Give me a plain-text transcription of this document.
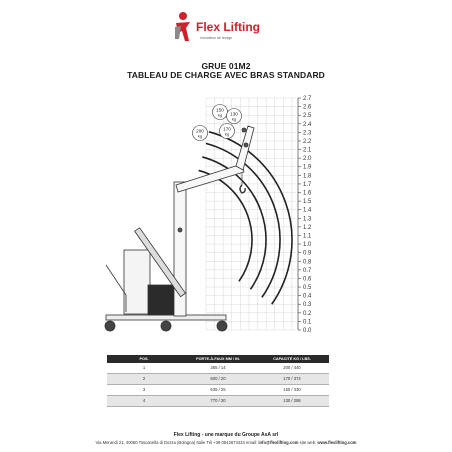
Flex Lifting
innovation de levage
GRUE 01M2
TABLEAU DE CHARGE AVEC BRAS STANDARD
2.7
2.6
2.5
2.4
2.3
2.2
2.1
2.0
1.9
1.8
1.7
1.6
1.5
1.4
1.3
1.2
1.1
1.0
0.9
0.8
0.7
0.6
0.5
0.4
0.3
0.2
0.1
0.0
150
kg 130
kg
170
kg
200
kg
POS.	PORTE-À-FAUX MM / IN.	CAPACITÉ KG / LBS.
1	365 / 14	200 / 440
2	500 / 20	170 / 374
3	635 / 25	150 / 330
4	770 / 30	130 / 286
Flex Lifting - une marque du Groupe AsA srl
Via Merandi 21, 40060 Toscanella di Dozza (Bologna) Italie Tél +39 0542673434 email: info@flexlifting.com site web: www.flexlifting.com
